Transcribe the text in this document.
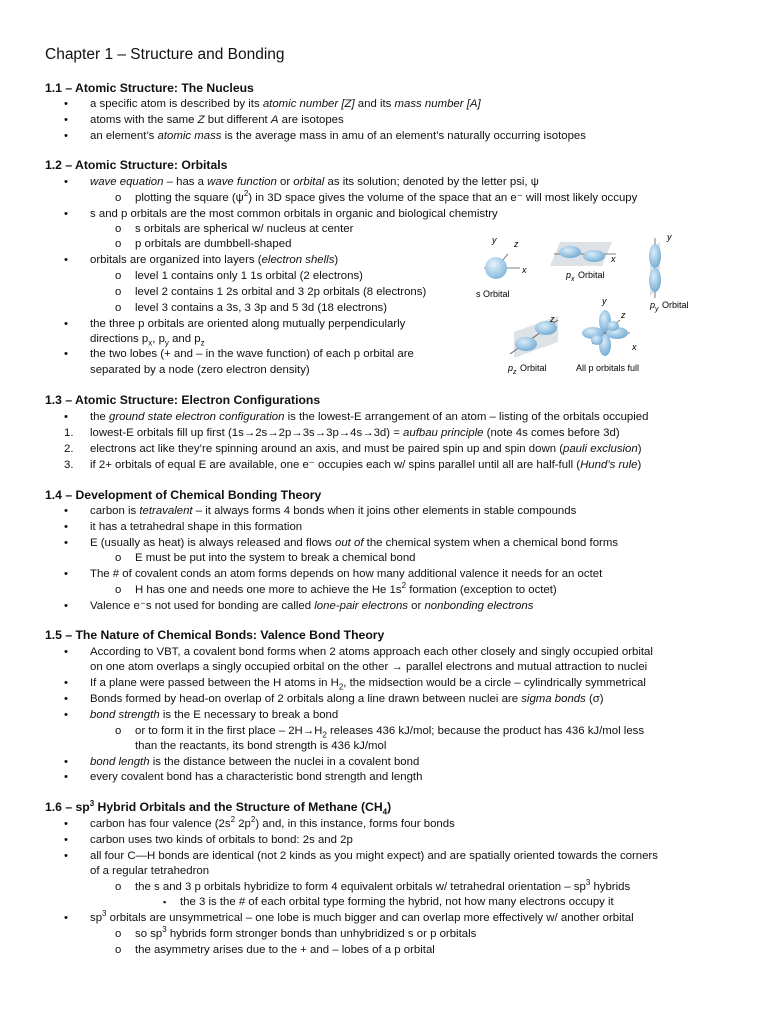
Chapter 1 – Structure and Bonding
1.1 – Atomic Structure: The Nucleus
• a specific atom is described by its atomic number [Z] and its mass number [A]
• atoms with the same Z but different A are isotopes
• an element’s atomic mass is the average mass in amu of an element’s naturally occurring isotopes
1.2 – Atomic Structure: Orbitals
• wave equation – has a wave function or orbital as its solution; denoted by the letter psi, ψ
o plotting the square $(\psi^2)$ in 3D space gives the volume of the space that an e⁻ will most likely occupy
• s and p orbitals are the most common orbitals in organic and biological chemistry
o s orbitals are spherical w/ nucleus at center
o p orbitals are dumbbell-shaped
• orbitals are organized into layers (electron shells)
o level 1 contains only 1 1s orbital (2 electrons)
o level 2 contains 1 2s orbital and 3 2p orbitals (8 electrons)
o level 3 contains a 3s, 3 3p and 5 3d (18 electrons)
• the three p orbitals are oriented along mutually perpendicularly
directions $p_x$, $p_y$ and $p_z$
• the two lobes (+ and – in the wave function) of each p orbital are
separated by a node (zero electron density)
y z
x
s Orbital
x
p x Orbital
y
p y Orbital
z
p z Orbital
y
z
x
All p orbitals full
1.3 – Atomic Structure: Electron Configurations
• the ground state electron configuration is the lowest-E arrangement of an atom – listing of the orbitals occupied
1. lowest-E orbitals fill up first (1s→2s→2p→3s→3p→4s→3d) = aufbau principle (note 4s comes before 3d)
2. electrons act like they’re spinning around an axis, and must be paired spin up and spin down (pauli exclusion)
3. if 2+ orbitals of equal E are available, one e⁻ occupies each w/ spins parallel until all are half-full (Hund’s rule)
1.4 – Development of Chemical Bonding Theory
• carbon is tetravalent – it always forms 4 bonds when it joins other elements in stable compounds
• it has a tetrahedral shape in this formation
• E (usually as heat) is always released and flows out of the chemical system when a chemical bond forms
o E must be put into the system to break a chemical bond
• The # of covalent conds an atom forms depends on how many additional valence it needs for an octet
o H has one and needs one more to achieve the He $1s^2$ formation (exception to octet)
• Valence e⁻s not used for bonding are called lone-pair electrons or nonbonding electrons
1.5 – The Nature of Chemical Bonds: Valence Bond Theory
• According to VBT, a covalent bond forms when 2 atoms approach each other closely and singly occupied orbital
on one atom overlaps a singly occupied orbital on the other → parallel electrons and mutual attraction to nuclei
• If a plane were passed between the H atoms in $H_2$, the midsection would be a circle – cylindrically symmetrical
• Bonds formed by head-on overlap of 2 orbitals along a line drawn between nuclei are sigma bonds (σ)
• bond strength is the E necessary to break a bond
o or to form it in the first place – $2H\to H_2$ releases 436 kJ/mol; because the product has 436 kJ/mol less
than the reactants, its bond strength is 436 kJ/mol
• bond length is the distance between the nuclei in a covalent bond
• every covalent bond has a characteristic bond strength and length
$1.6 - sp^3$ Hybrid Orbitals and the Structure of Methane $(CH_4)$
• carbon has four valence ($2s^2$ $2p^2$) and, in this instance, forms four bonds
• carbon uses two kinds of orbitals to bond: 2s and 2p
• all four C—H bonds are identical (not 2 kinds as you might expect) and are spatially oriented towards the corners
of a regular tetrahedron
o the s and 3 p orbitals hybridize to form 4 equivalent orbitals w/ tetrahedral orientation – $sp^3$ hybrids
▪ the 3 is the # of each orbital type forming the hybrid, not how many electrons occupy it
• $sp^3$ orbitals are unsymmetrical – one lobe is much bigger and can overlap more effectively w/ another orbital
o so $sp^3$ hybrids form stronger bonds than unhybridized s or p orbitals
o the asymmetry arises due to the + and – lobes of a p orbital
